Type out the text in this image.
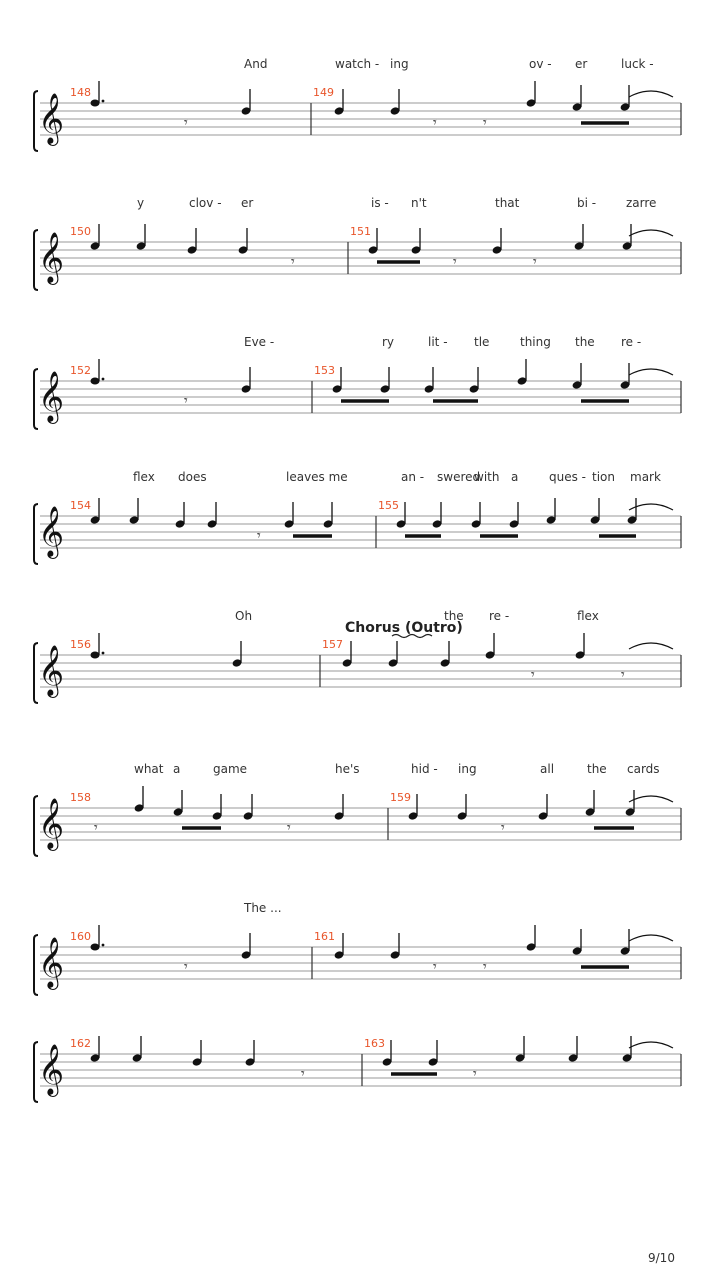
𝄞
148	149
And	watch - ing	ov - er	luck -
𝄾	𝄾	𝄾
𝄞
150	151
y	clov - er	is - n't	that	bi - zarre
𝄾	𝄾	𝄾
𝄞
152	153
Eve -	ry	lit - tle	thing the re -
𝄾
𝄞
154	155
flex does	leaves me	an - swered
with a	ques - tion mark
𝄾
𝄞
156	157
Oh	the re -	flex
𝄾	𝄾
𝄞
158	159
what a	game	he's	hid - ing	all	the cards
𝄾	𝄾	𝄾
𝄞
160	161
The ...
𝄾	𝄾	𝄾
𝄞
162	163
𝄾	𝄾
Chorus (Outro)
9/10
